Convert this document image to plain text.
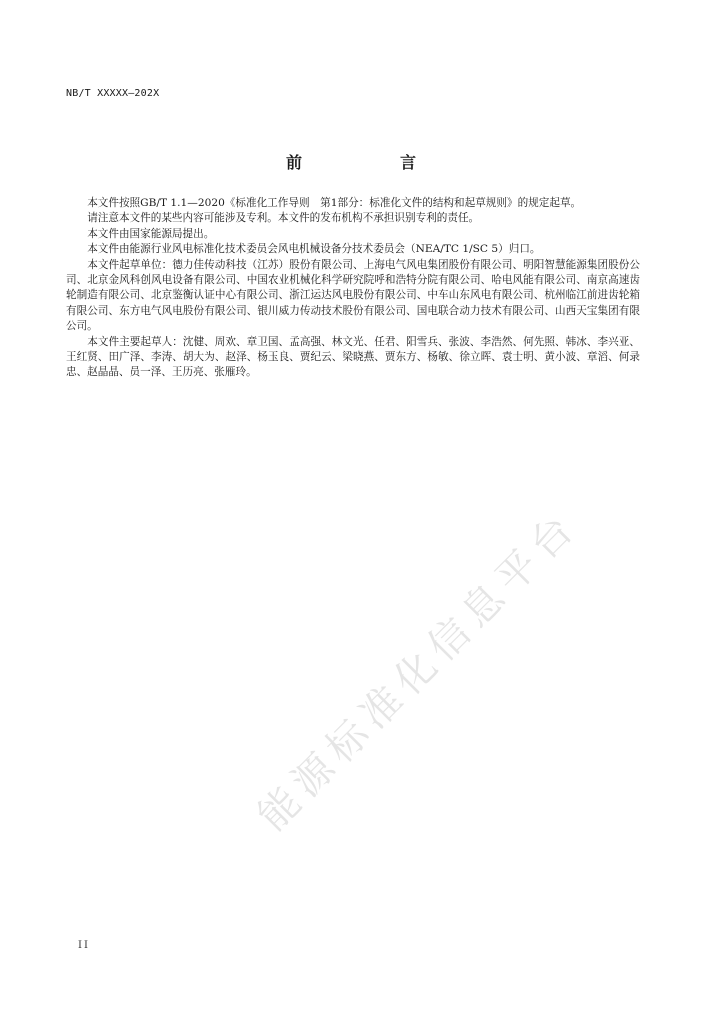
NB/T XXXXX—202X
前　　言

本文件按照GB/T 1.1—2020《标准化工作导则　第1部分：标准化文件的结构和起草规则》的规定起草。

请注意本文件的某些内容可能涉及专利。本文件的发布机构不承担识别专利的责任。

本文件由国家能源局提出。

本文件由能源行业风电标准化技术委员会风电机械设备分技术委员会（NEA/TC 1/SC 5）归口。

本文件起草单位：德力佳传动科技（江苏）股份有限公司、上海电气风电集团股份有限公司、明阳智慧能源集团股份公司、北京金风科创风电设备有限公司、中国农业机械化科学研究院呼和浩特分院有限公司、哈电风能有限公司、南京高速齿轮制造有限公司、北京鉴衡认证中心有限公司、浙江运达风电股份有限公司、中车山东风电有限公司、杭州临江前进齿轮箱有限公司、东方电气风电股份有限公司、银川威力传动技术股份有限公司、国电联合动力技术有限公司、山西天宝集团有限公司。

本文件主要起草人：沈健、周欢、章卫国、孟高强、林文光、任君、阳雪兵、张波、李浩然、何先照、韩冰、李兴亚、王红贤、田广泽、李涛、胡大为、赵泽、杨玉良、贾纪云、梁晓燕、贾东方、杨敏、徐立晖、袁士明、黄小波、章滔、何录忠、赵晶晶、员一泽、王历亮、张雁玲。

能源标准化信息平台
II
